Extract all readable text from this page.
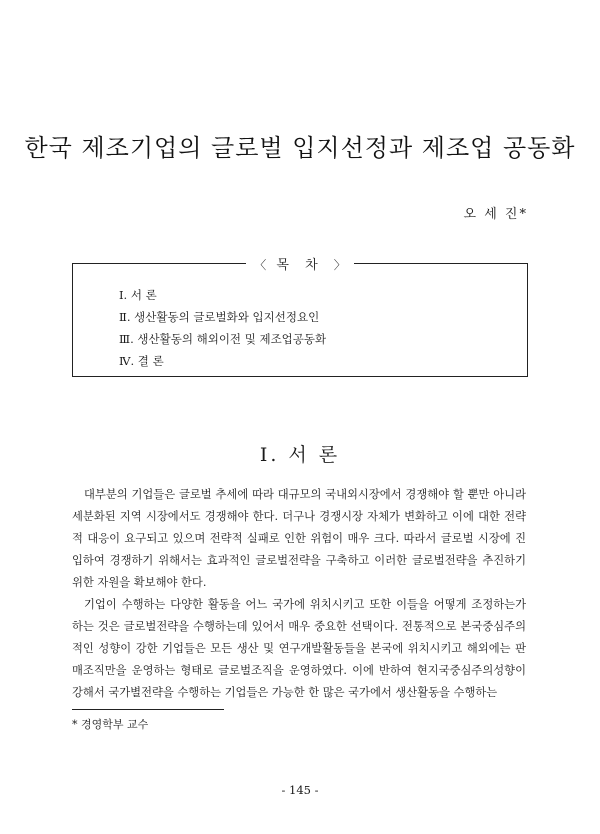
한국 제조기업의 글로벌 입지선정과 제조업 공동화
오 세 진*
〈 목 차 〉
Ⅰ. 서 론
Ⅱ. 생산활동의 글로벌화와 입지선정요인
Ⅲ. 생산활동의 해외이전 및 제조업공동화
Ⅳ. 결 론
Ⅰ. 서 론

대부분의 기업들은 글로벌 추세에 따라 대규모의 국내외시장에서 경쟁해야 할 뿐만 아니라 세분화된 지역 시장에서도 경쟁해야 한다. 더구나 경쟁시장 자체가 변화하고 이에 대한 전략적 대응이 요구되고 있으며 전략적 실패로 인한 위험이 매우 크다. 따라서 글로벌 시장에 진입하여 경쟁하기 위해서는 효과적인 글로벌전략을 구축하고 이러한 글로벌전략을 추진하기 위한 자원을 확보해야 한다.

기업이 수행하는 다양한 활동을 어느 국가에 위치시키고 또한 이들을 어떻게 조정하는가 하는 것은 글로벌전략을 수행하는데 있어서 매우 중요한 선택이다. 전통적으로 본국중심주의적인 성향이 강한 기업들은 모든 생산 및 연구개발활동들을 본국에 위치시키고 해외에는 판매조직만을 운영하는 형태로 글로벌조직을 운영하였다. 이에 반하여 현지국중심주의성향이 강해서 국가별전략을 수행하는 기업들은 가능한 한 많은 국가에서 생산활동을 수행하는

* 경영학부 교수
- 145 -
